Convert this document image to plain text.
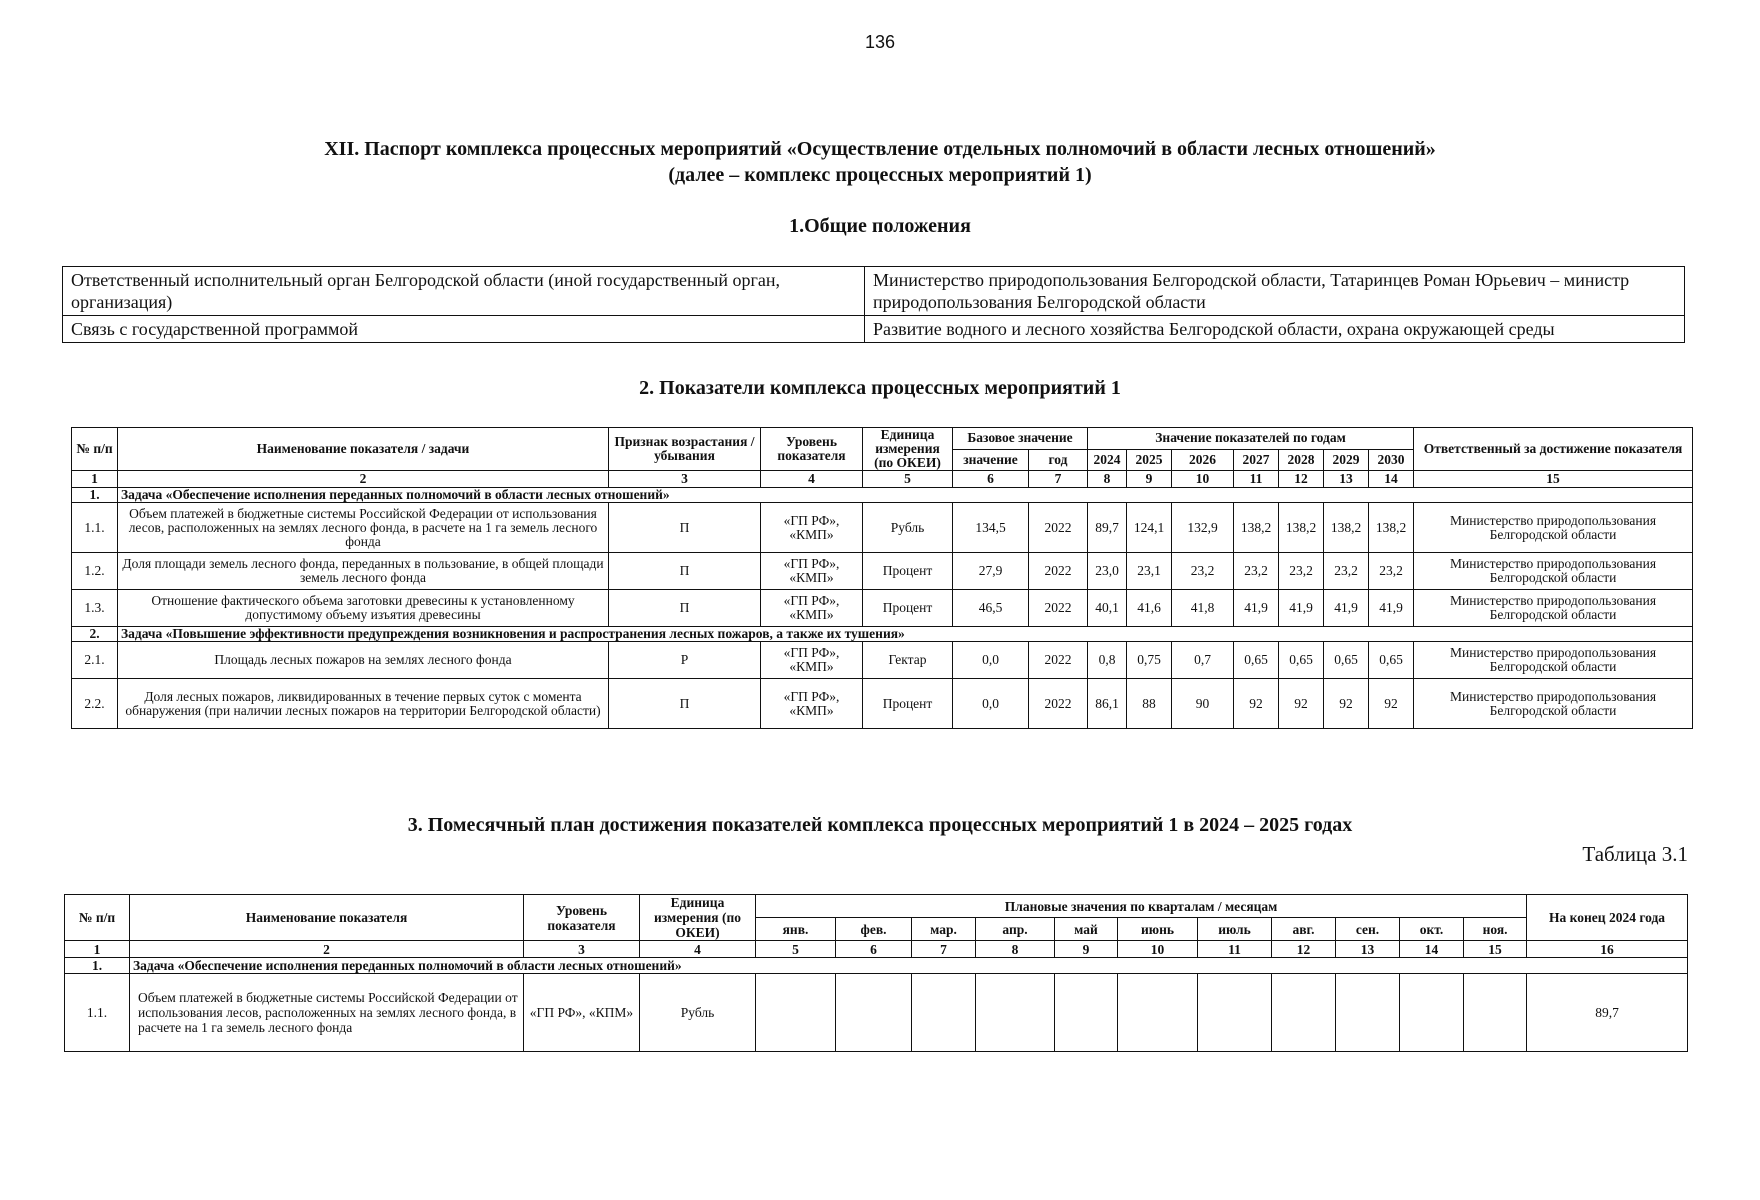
136
XII. Паспорт комплекса процессных мероприятий «Осуществление отдельных полномочий в области лесных отношений»
(далее – комплекс процессных мероприятий 1)
1.Общие положения
Ответственный исполнительный орган Белгородской области (иной государственный орган, организация)	Министерство природопользования Белгородской области, Татаринцев Роман Юрьевич – министр природопользования Белгородской области
Связь с государственной программой	Развитие водного и лесного хозяйства Белгородской области, охрана окружающей среды
2. Показатели комплекса процессных мероприятий 1
№ п/п	Наименование показателя / задачи	Признак возрастания / убывания	Уровень показателя	Единица измерения (по ОКЕИ)	Базовое значение		Значение показателей по годам							Ответственный за достижение показателя
					значение	год	2024	2025	2026	2027	2028	2029	2030	
1	2	3	4	5	6	7	8	9	10	11	12	13	14	15
1.	Задача «Обеспечение исполнения переданных полномочий в области лесных отношений»													
1.1.	Объем платежей в бюджетные системы Российской Федерации от использования лесов, расположенных на землях лесного фонда, в расчете на 1 га земель лесного фонда	П	«ГП РФ», «КМП»	Рубль	134,5	2022	89,7	124,1	132,9	138,2	138,2	138,2	138,2	Министерство природопользования Белгородской области
1.2.	Доля площади земель лесного фонда, переданных в пользование, в общей площади земель лесного фонда	П	«ГП РФ», «КМП»	Процент	27,9	2022	23,0	23,1	23,2	23,2	23,2	23,2	23,2	Министерство природопользования Белгородской области
1.3.	Отношение фактического объема заготовки древесины к установленному допустимому объему изъятия древесины	П	«ГП РФ», «КМП»	Процент	46,5	2022	40,1	41,6	41,8	41,9	41,9	41,9	41,9	Министерство природопользования Белгородской области
2.	Задача «Повышение эффективности предупреждения возникновения и распространения лесных пожаров, а также их тушения»													
2.1.	Площадь лесных пожаров на землях лесного фонда	Р	«ГП РФ», «КМП»	Гектар	0,0	2022	0,8	0,75	0,7	0,65	0,65	0,65	0,65	Министерство природопользования Белгородской области
2.2.	Доля лесных пожаров, ликвидированных в течение первых суток с момента обнаружения (при наличии лесных пожаров на территории Белгородской области)	П	«ГП РФ», «КМП»	Процент	0,0	2022	86,1	88	90	92	92	92	92	Министерство природопользования Белгородской области
3. Помесячный план достижения показателей комплекса процессных мероприятий 1 в 2024 – 2025 годах
Таблица 3.1
№ п/п	Наименование показателя	Уровень показателя	Единица измерения (по ОКЕИ)	Плановые значения по кварталам / месяцам											На конец 2024 года
				янв.	фев.	мар.	апр.	май	июнь	июль	авг.	сен.	окт.	ноя.	
1	2	3	4	5	6	7	8	9	10	11	12	13	14	15	16
1.	Задача «Обеспечение исполнения переданных полномочий в области лесных отношений»														
1.1.	Объем платежей в бюджетные системы Российской Федерации от использования лесов, расположенных на землях лесного фонда, в расчете на 1 га земель лесного фонда	«ГП РФ», «КПМ»	Рубль												89,7
